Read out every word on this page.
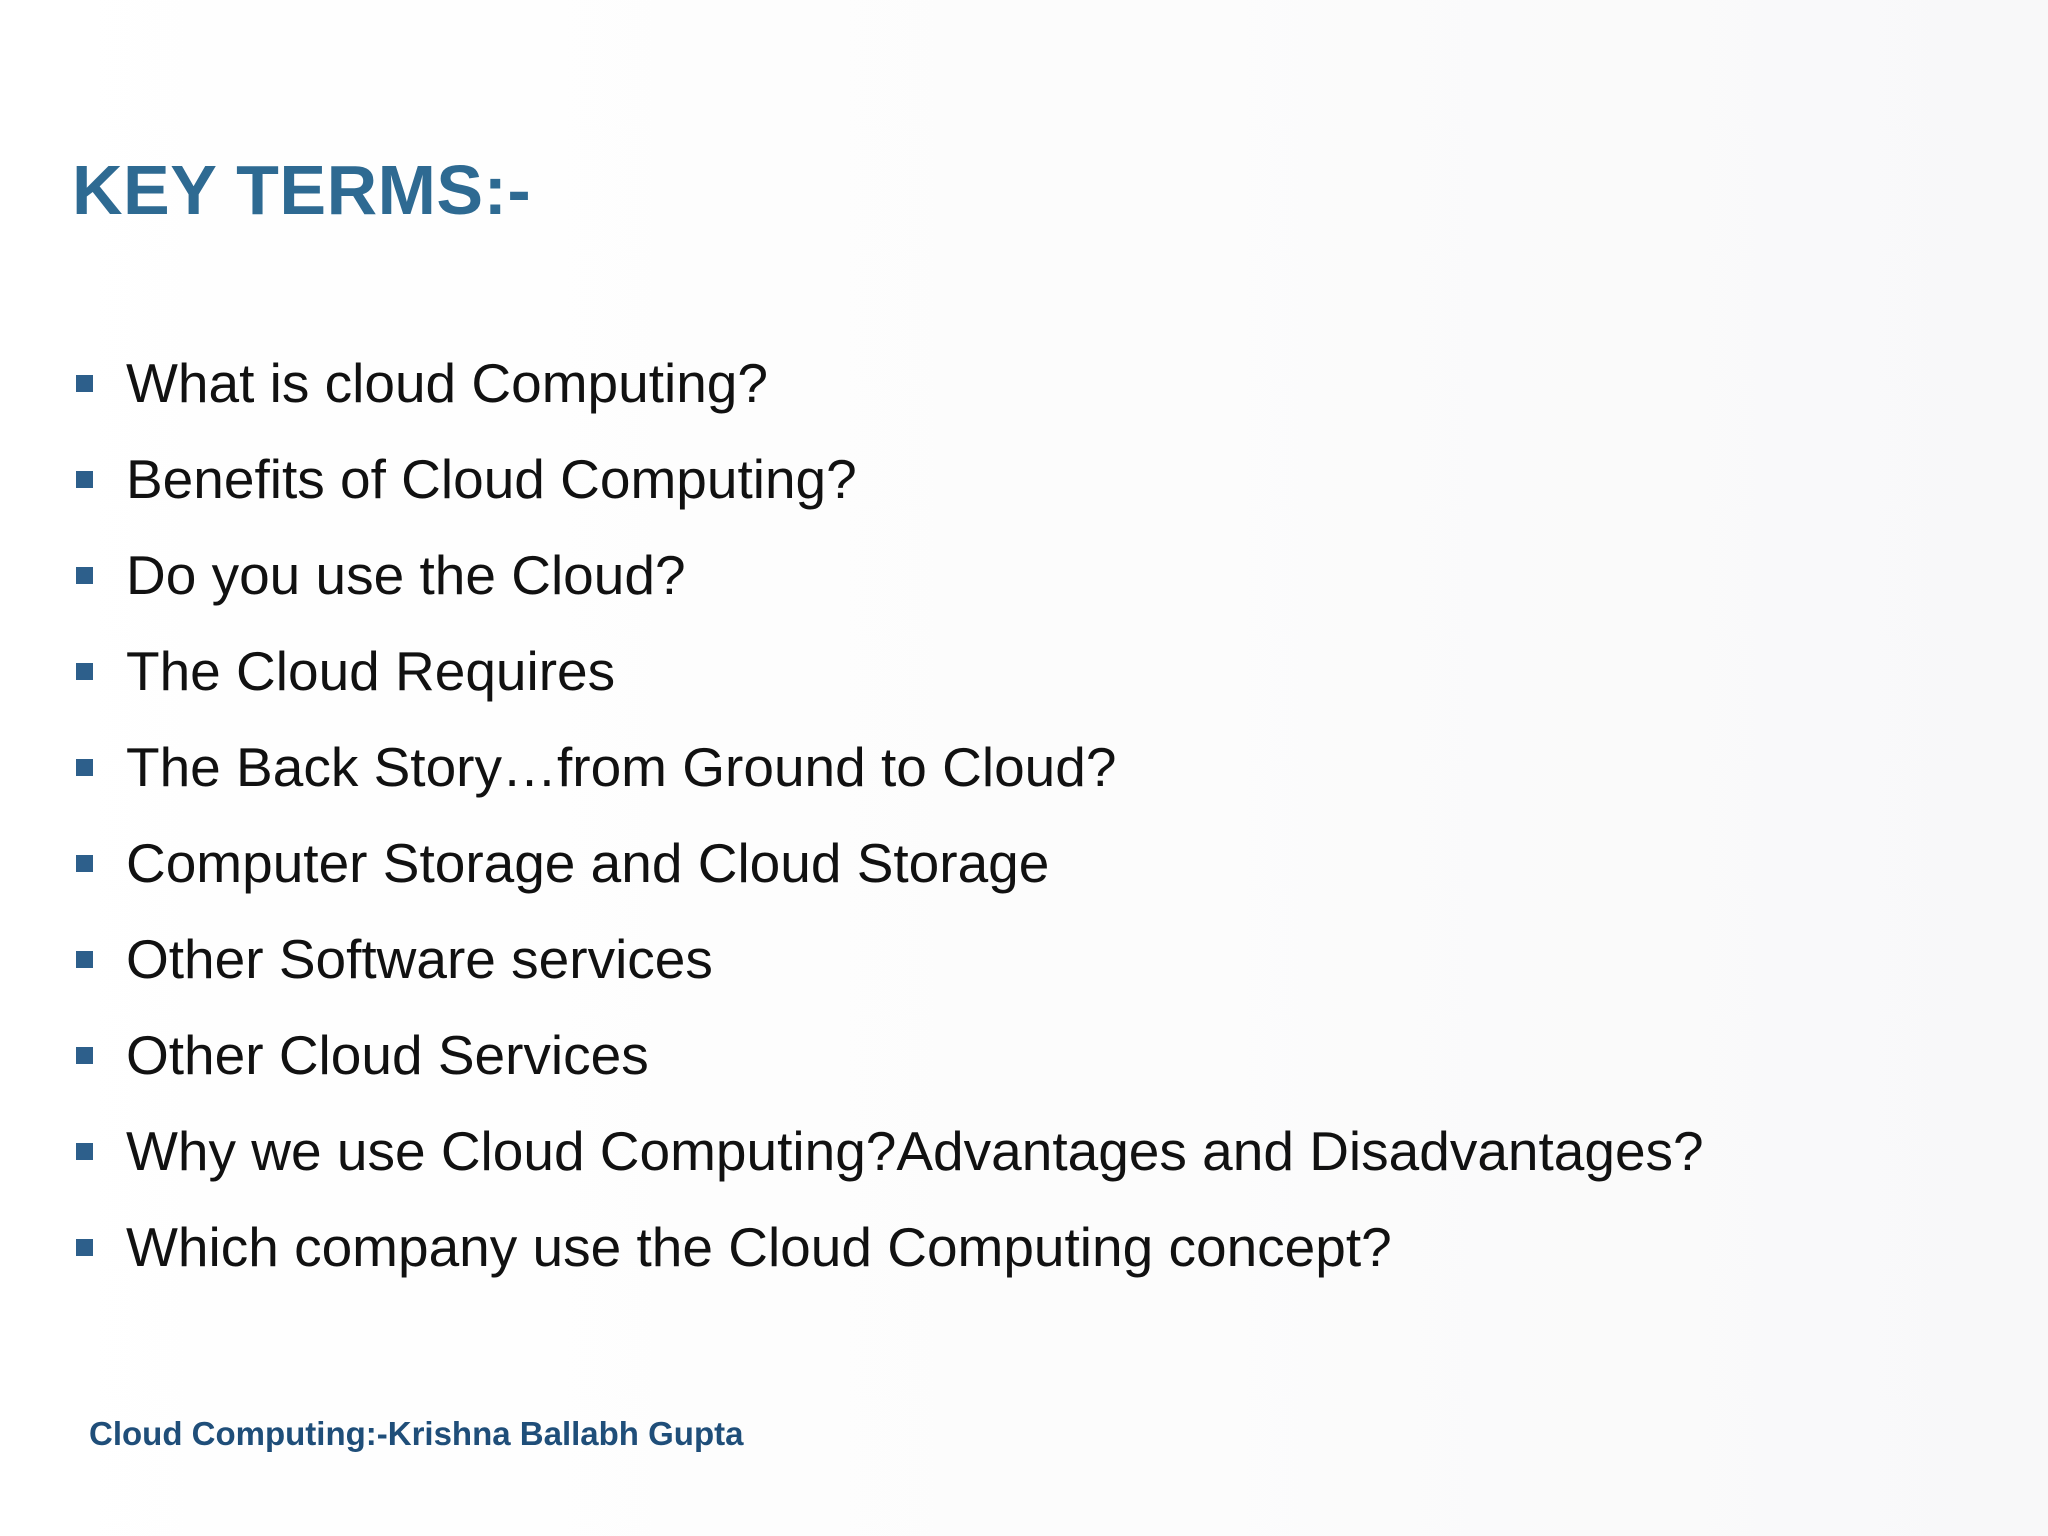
KEY TERMS:-
What is cloud Computing?
Benefits of Cloud Computing?
Do you use the Cloud?
The Cloud Requires
The Back Story…from Ground to Cloud?
Computer Storage and Cloud Storage
Other Software services
Other Cloud Services
Why we use Cloud Computing?Advantages and Disadvantages?
Which company use the Cloud Computing concept?
Cloud Computing:-Krishna Ballabh Gupta
